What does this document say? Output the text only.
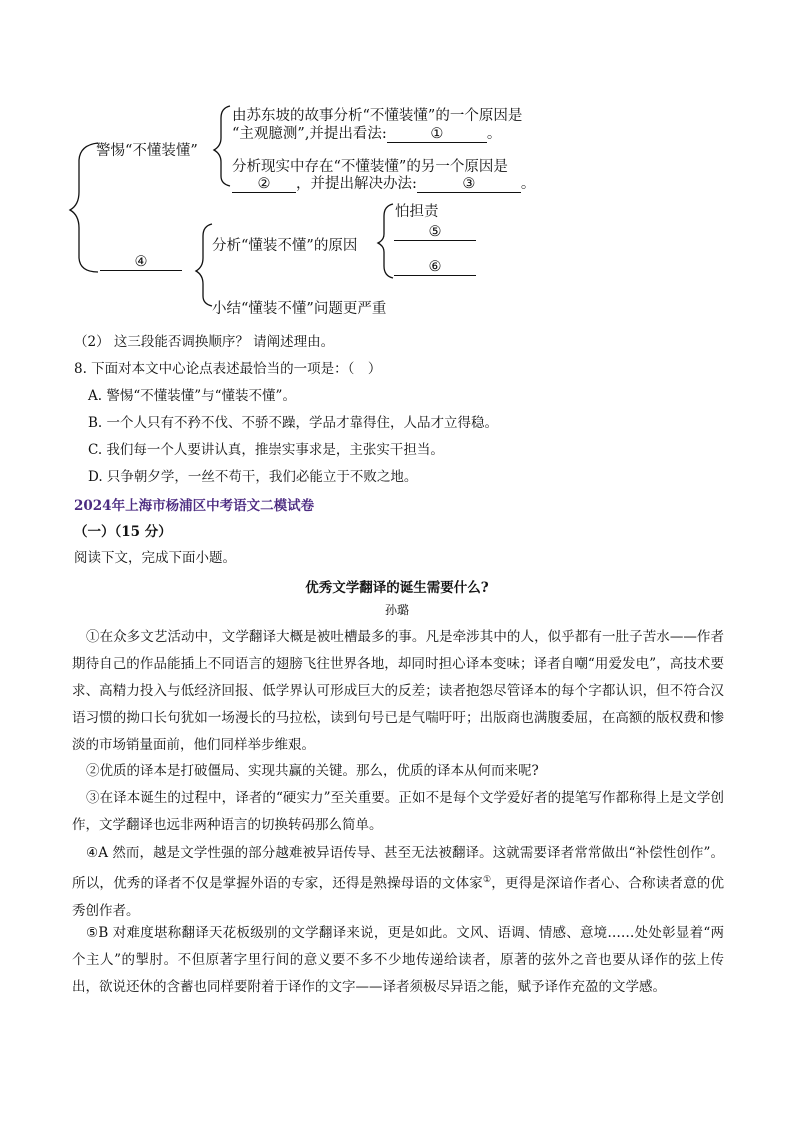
警惕“不懂装懂”
由苏东坡的故事分析“不懂装懂”的一个原因是
“主观臆测”,并提出看法:	①	。
分析现实中存在“不懂装懂”的另一个原因是
② ，并提出解决办法:	③	。
④
分析“懂装不懂”的原因
怕担责
⑤
⑥
小结“懂装不懂”问题更严重
（2） 这三段能否调换顺序？ 请阐述理由。
8. 下面对本文中心论点表述最恰当的一项是：（　）
A. 警惕“不懂装懂”与“懂装不懂”。
B. 一个人只有不矜不伐、不骄不躁，学品才靠得住，人品才立得稳。
C. 我们每一个人要讲认真，推崇实事求是，主张实干担当。
D. 只争朝夕学，一丝不苟干，我们必能立于不败之地。
2024年上海市杨浦区中考语文二模试卷
（一）（15 分）
阅读下文，完成下面小题。
优秀文学翻译的诞生需要什么?
孙璐
①在众多文艺活动中，文学翻译大概是被吐槽最多的事。凡是牵涉其中的人，似乎都有一肚子苦水——作者期待自己的作品能插上不同语言的翅膀飞往世界各地，却同时担心译本变味；译者自嘲“用爱发电”，高技术要求、高精力投入与低经济回报、低学界认可形成巨大的反差；读者抱怨尽管译本的每个字都认识，但不符合汉语习惯的拗口长句犹如一场漫长的马拉松，读到句号已是气喘吁吁；出版商也满腹委屈，在高额的版权费和惨淡的市场销量面前，他们同样举步维艰。
②优质的译本是打破僵局、实现共赢的关键。那么，优质的译本从何而来呢?
③在译本诞生的过程中，译者的“硬实力”至关重要。正如不是每个文学爱好者的提笔写作都称得上是文学创作，文学翻译也远非两种语言的切换转码那么简单。
④A 然而，越是文学性强的部分越难被异语传导、甚至无法被翻译。这就需要译者常常做出“补偿性创作”。所以，优秀的译者不仅是掌握外语的专家，还得是熟操母语的文体家①，更得是深谙作者心、合称读者意的优秀创作者。
⑤B 对难度堪称翻译天花板级别的文学翻译来说，更是如此。文风、语调、情感、意境……处处彰显着“两个主人”的掣肘。不但原著字里行间的意义要不多不少地传递给读者，原著的弦外之音也要从译作的弦上传出，欲说还休的含蓄也同样要附着于译作的文字——译者须极尽异语之能，赋予译作充盈的文学感。
